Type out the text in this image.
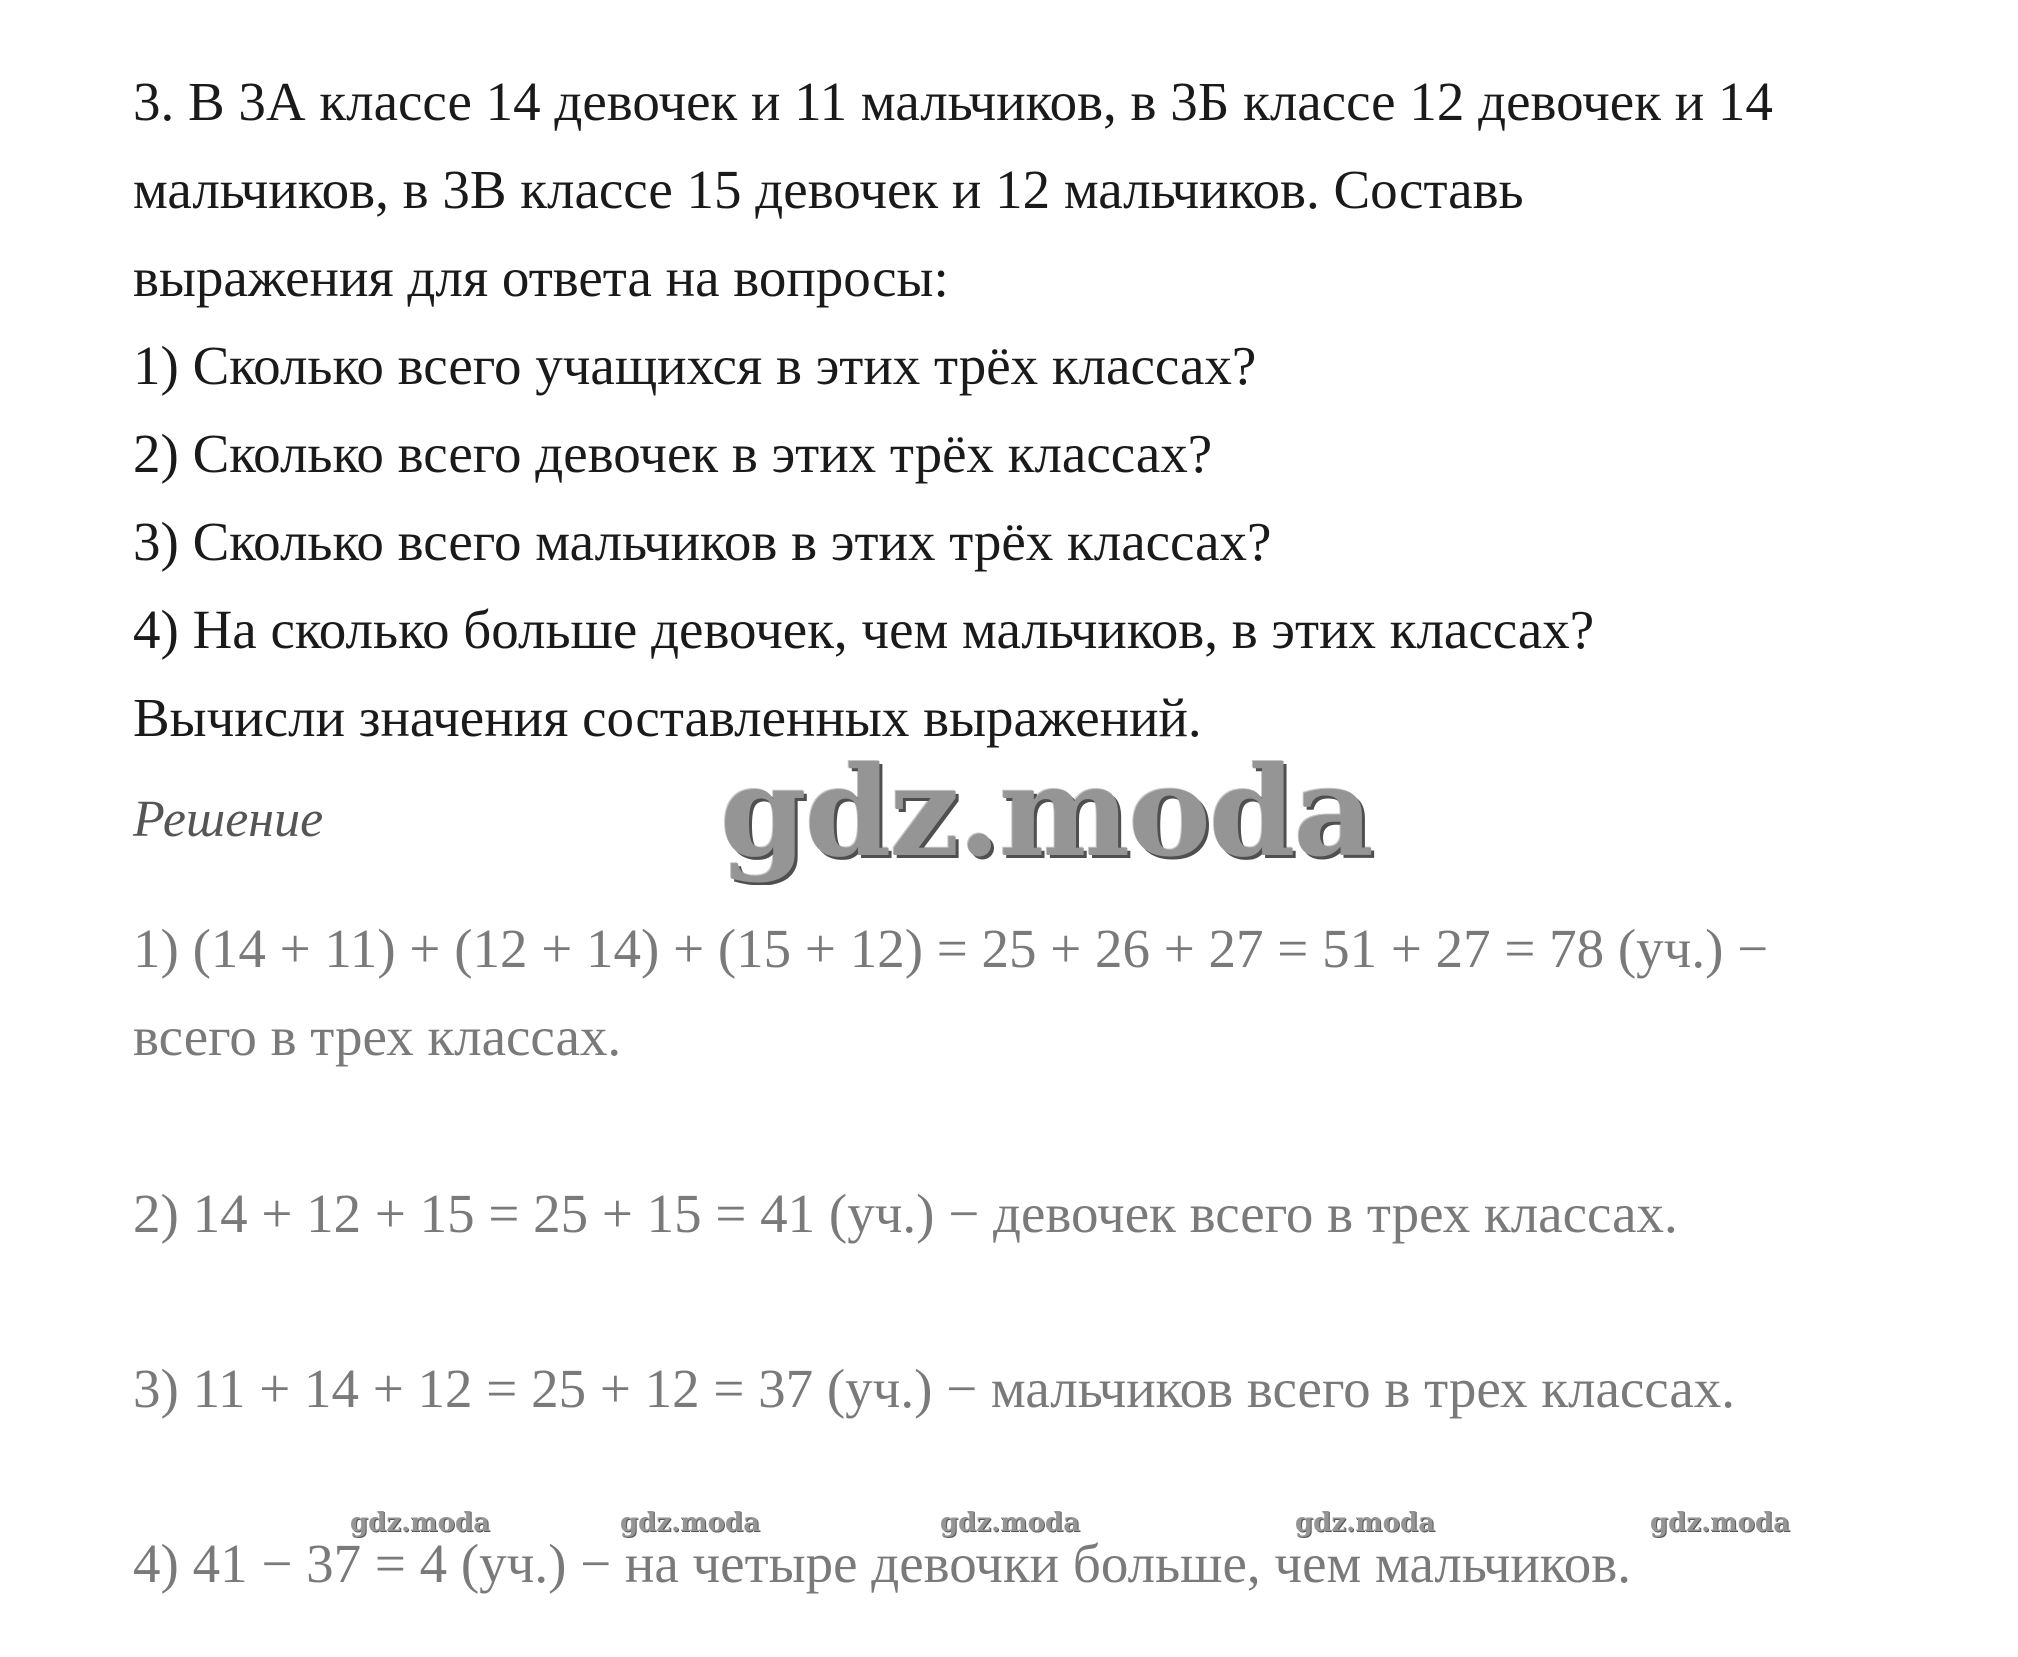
3. В 3А классе 14 девочек и 11 мальчиков, в 3Б классе 12 девочек и 14
мальчиков, в 3В классе 15 девочек и 12 мальчиков. Составь
выражения для ответа на вопросы:
1) Сколько всего учащихся в этих трёх классах?
2) Сколько всего девочек в этих трёх классах?
3) Сколько всего мальчиков в этих трёх классах?
4) На сколько больше девочек, чем мальчиков, в этих классах?
Вычисли значения составленных выражений.
Решение	gdz.moda
1) (14 + 11) + (12 + 14) + (15 + 12) = 25 + 26 + 27 = 51 + 27 = 78 (уч.) −
всего в трех классах.
2) 14 + 12 + 15 = 25 + 15 = 41 (уч.) − девочек всего в трех классах.
3) 11 + 14 + 12 = 25 + 12 = 37 (уч.) − мальчиков всего в трех классах.
4) 41 − 37 = 4 (уч.) − на четыре девочки больше, чем мальчиков.
gdz.moda	gdz.moda	gdz.moda	gdz.moda	gdz.moda
